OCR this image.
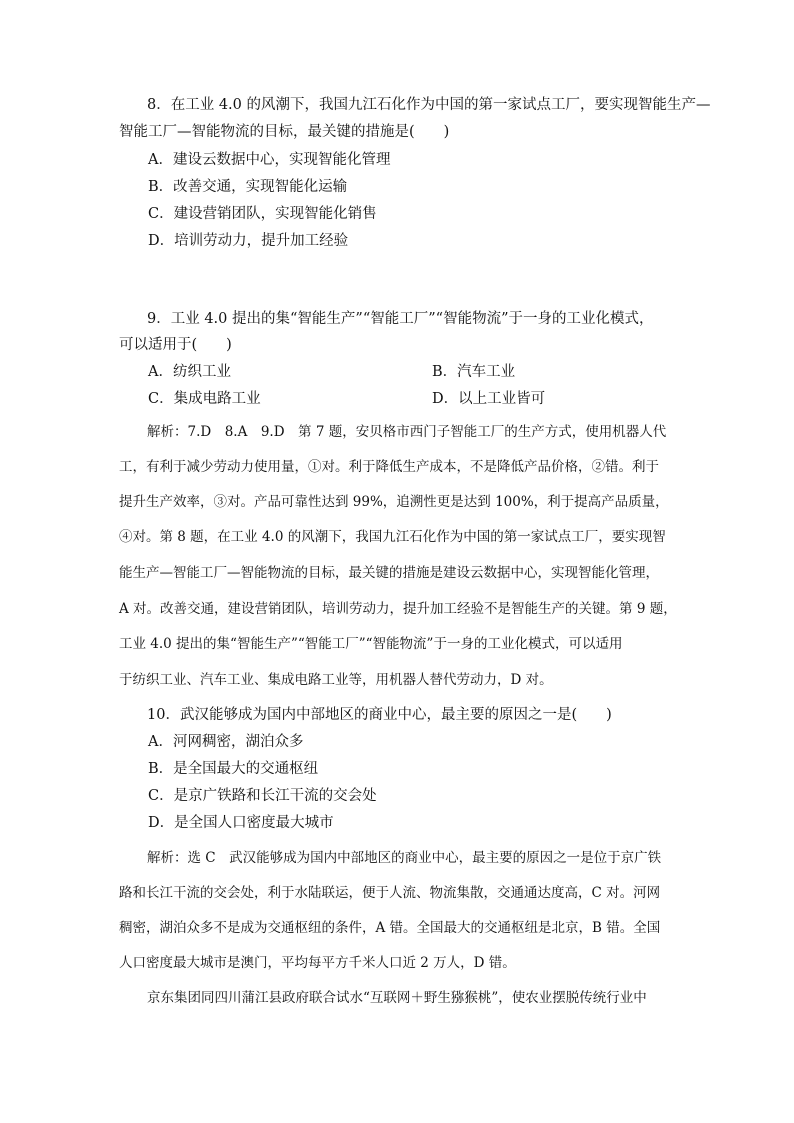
8．在工业 4.0 的风潮下，我国九江石化作为中国的第一家试点工厂，要实现智能生产—
智能工厂—智能物流的目标，最关键的措施是(　　)
A．建设云数据中心，实现智能化管理
B．改善交通，实现智能化运输
C．建设营销团队，实现智能化销售
D．培训劳动力，提升加工经验
9．工业 4.0 提出的集“智能生产”“智能工厂”“智能物流”于一身的工业化模式，
可以适用于(　　)
A．纺织工业	B．汽车工业
C．集成电路工业	D．以上工业皆可
解析：7.D　8.A　9.D　第 7 题，安贝格市西门子智能工厂的生产方式，使用机器人代
工，有利于减少劳动力使用量，①对。利于降低生产成本，不是降低产品价格，②错。利于
提升生产效率，③对。产品可靠性达到 99%，追溯性更是达到 100%，利于提高产品质量，
④对。第 8 题，在工业 4.0 的风潮下，我国九江石化作为中国的第一家试点工厂，要实现智
能生产—智能工厂—智能物流的目标，最关键的措施是建设云数据中心，实现智能化管理，
A 对。改善交通，建设营销团队，培训劳动力，提升加工经验不是智能生产的关键。第 9 题，
工业 4.0 提出的集“智能生产”“智能工厂”“智能物流”于一身的工业化模式，可以适用
于纺织工业、汽车工业、集成电路工业等，用机器人替代劳动力，D 对。
10．武汉能够成为国内中部地区的商业中心，最主要的原因之一是(　　)
A．河网稠密，湖泊众多
B．是全国最大的交通枢纽
C．是京广铁路和长江干流的交会处
D．是全国人口密度最大城市
解析：选 C　武汉能够成为国内中部地区的商业中心，最主要的原因之一是位于京广铁
路和长江干流的交会处，利于水陆联运，便于人流、物流集散，交通通达度高，C 对。河网
稠密，湖泊众多不是成为交通枢纽的条件，A 错。全国最大的交通枢纽是北京，B 错。全国
人口密度最大城市是澳门，平均每平方千米人口近 2 万人，D 错。
京东集团同四川蒲江县政府联合试水“互联网＋野生猕猴桃”，使农业摆脱传统行业中
